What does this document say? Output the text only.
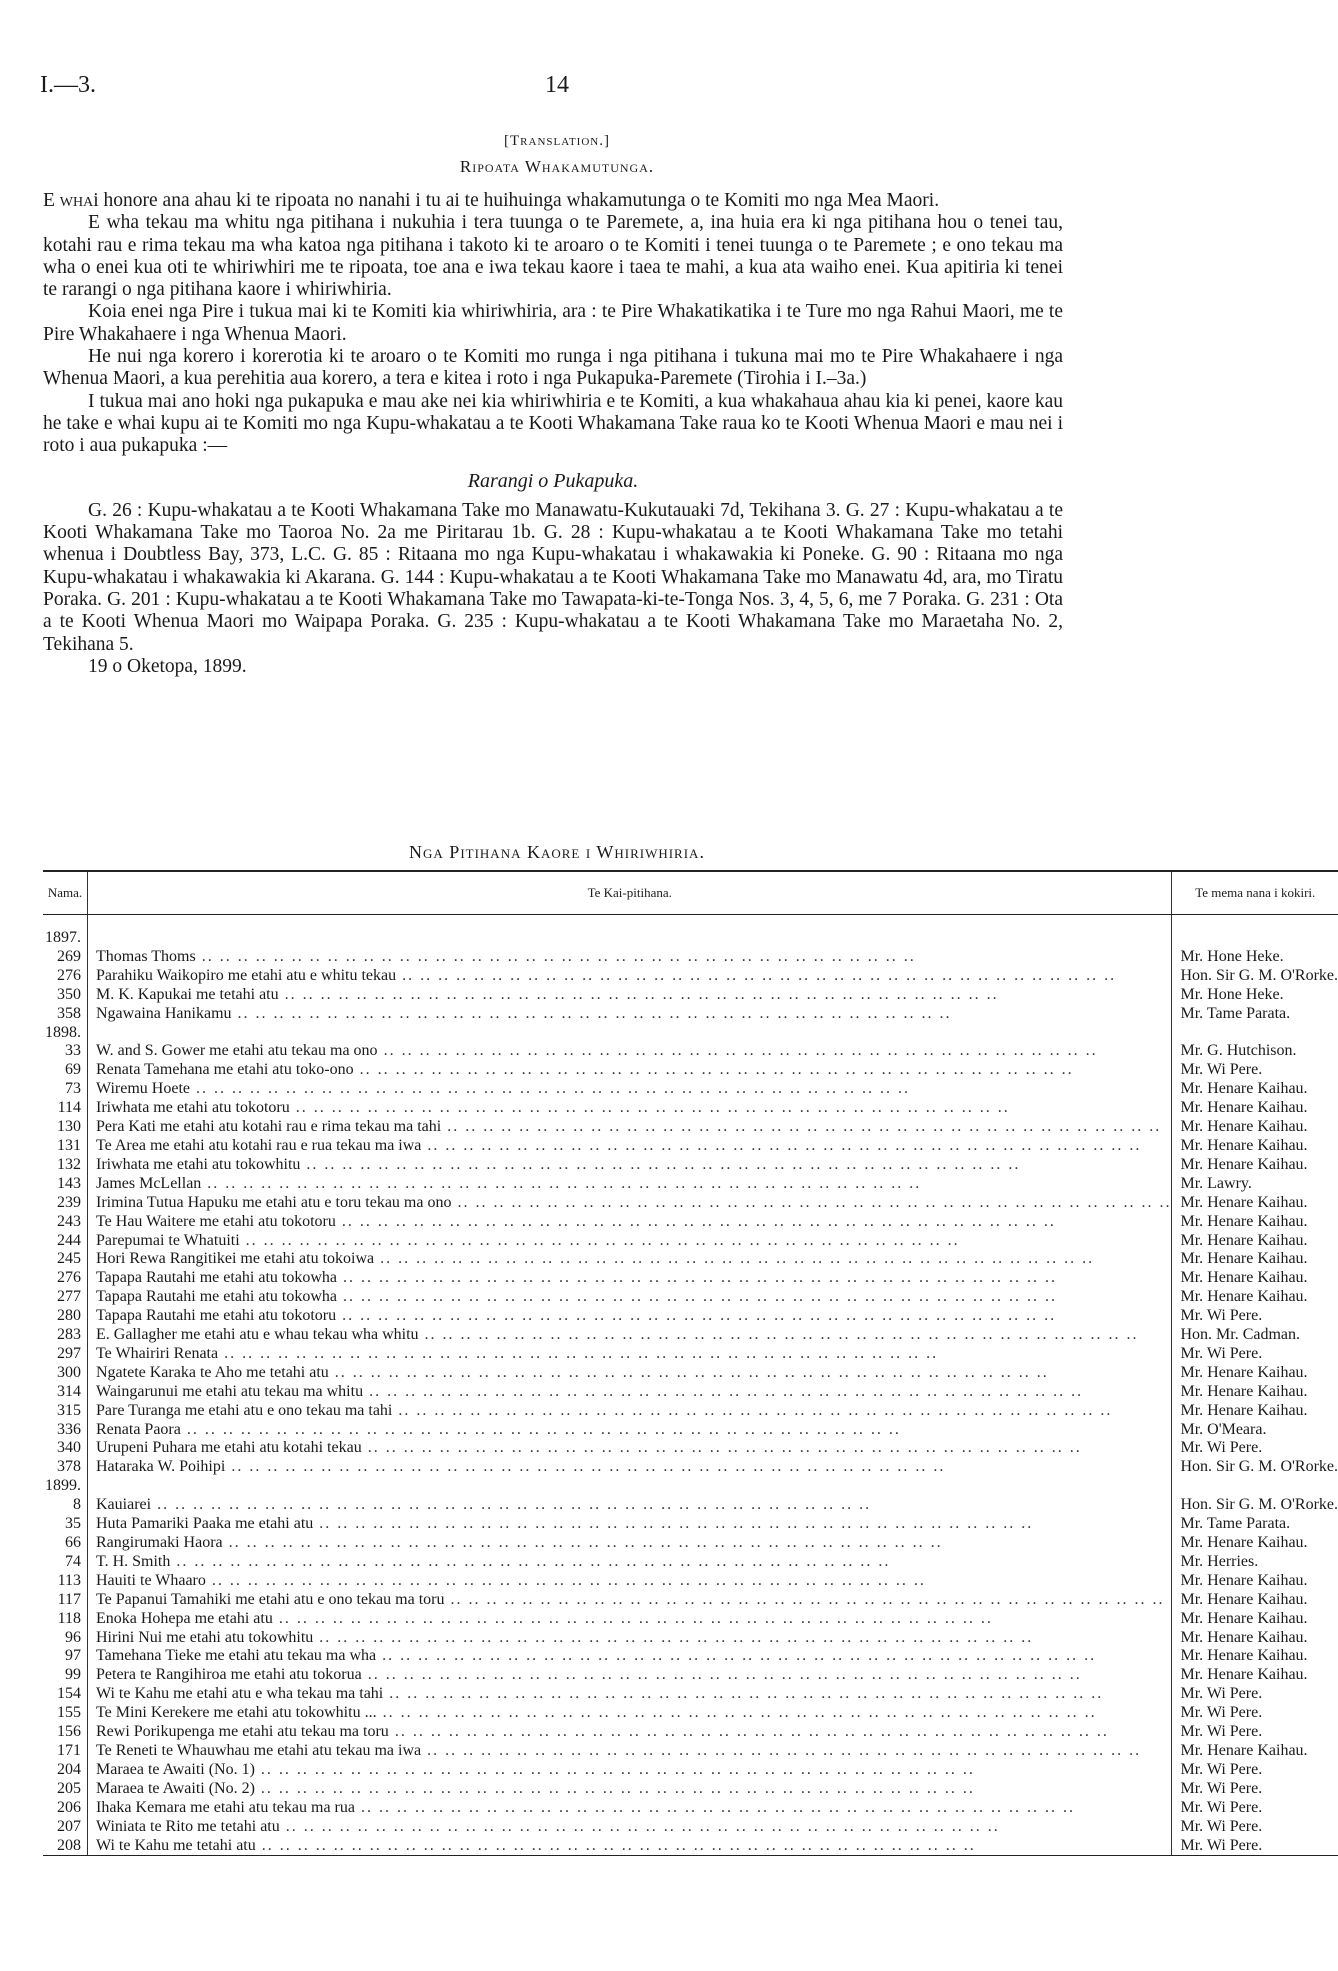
I.—3.	14
[Translation.]
Ripoata Whakamutunga.

E whai honore ana ahau ki te ripoata no nanahi i tu ai te huihuinga whakamutunga o te Komiti mo nga Mea Maori.

E wha tekau ma whitu nga pitihana i nukuhia i tera tuunga o te Paremete, a, ina huia era ki nga pitihana hou o tenei tau, kotahi rau e rima tekau ma wha katoa nga pitihana i takoto ki te aroaro o te Komiti i tenei tuunga o te Paremete ; e ono tekau ma wha o enei kua oti te whiriwhiri me te ripoata, toe ana e iwa tekau kaore i taea te mahi, a kua ata waiho enei. Kua apitiria ki tenei te rarangi o nga pitihana kaore i whiriwhiria.

Koia enei nga Pire i tukua mai ki te Komiti kia whiriwhiria, ara : te Pire Whakatikatika i te Ture mo nga Rahui Maori, me te Pire Whakahaere i nga Whenua Maori.

He nui nga korero i korerotia ki te aroaro o te Komiti mo runga i nga pitihana i tukuna mai mo te Pire Whakahaere i nga Whenua Maori, a kua perehitia aua korero, a tera e kitea i roto i nga Pukapuka-Paremete (Tirohia i I.–3a.)

I tukua mai ano hoki nga pukapuka e mau ake nei kia whiriwhiria e te Komiti, a kua whakahaua ahau kia ki penei, kaore kau he take e whai kupu ai te Komiti mo nga Kupu-whakatau a te Kooti Whakamana Take raua ko te Kooti Whenua Maori e mau nei i roto i aua pukapuka :—

Rarangi o Pukapuka.

G. 26 : Kupu-whakatau a te Kooti Whakamana Take mo Manawatu-Kukutauaki 7d, Tekihana 3. G. 27 : Kupu-whakatau a te Kooti Whakamana Take mo Taoroa No. 2a me Piritarau 1b. G. 28 : Kupu-whakatau a te Kooti Whakamana Take mo tetahi whenua i Doubtless Bay, 373, L.C. G. 85 : Ritaana mo nga Kupu-whakatau i whakawakia ki Poneke. G. 90 : Ritaana mo nga Kupu-whakatau i whakawakia ki Akarana. G. 144 : Kupu-whakatau a te Kooti Whakamana Take mo Manawatu 4d, ara, mo Tiratu Poraka. G. 201 : Kupu-whakatau a te Kooti Whakamana Take mo Tawapata-ki-te-Tonga Nos. 3, 4, 5, 6, me 7 Poraka. G. 231 : Ota a te Kooti Whenua Maori mo Waipapa Poraka. G. 235 : Kupu-whakatau a te Kooti Whakamana Take mo Maraetaha No. 2, Tekihana 5.

19 o Oketopa, 1899.

Nga Pitihana Kaore i Whiriwhiria.
Nama.	Te Kai-pitihana.	Te mema nana i kokiri.

1897.		
269	Thomas Thoms .. .. .. .. .. .. .. .. .. .. .. .. .. .. .. .. .. .. .. .. .. .. .. .. .. .. .. .. .. .. .. .. .. .. .. .. .. .. .. ..	Mr. Hone Heke.
276	Parahiku Waikopiro me etahi atu e whitu tekau .. .. .. .. .. .. .. .. .. .. .. .. .. .. .. .. .. .. .. .. .. .. .. .. .. .. .. .. .. .. .. .. .. .. .. .. .. .. .. ..	Hon. Sir G. M. O'Rorke.
350	M. K. Kapukai me tetahi atu .. .. .. .. .. .. .. .. .. .. .. .. .. .. .. .. .. .. .. .. .. .. .. .. .. .. .. .. .. .. .. .. .. .. .. .. .. .. .. ..	Mr. Hone Heke.
358	Ngawaina Hanikamu .. .. .. .. .. .. .. .. .. .. .. .. .. .. .. .. .. .. .. .. .. .. .. .. .. .. .. .. .. .. .. .. .. .. .. .. .. .. .. ..	Mr. Tame Parata.
1898.		
33	W. and S. Gower me etahi atu tekau ma ono .. .. .. .. .. .. .. .. .. .. .. .. .. .. .. .. .. .. .. .. .. .. .. .. .. .. .. .. .. .. .. .. .. .. .. .. .. .. .. ..	Mr. G. Hutchison.
69	Renata Tamehana me etahi atu toko-ono .. .. .. .. .. .. .. .. .. .. .. .. .. .. .. .. .. .. .. .. .. .. .. .. .. .. .. .. .. .. .. .. .. .. .. .. .. .. .. ..	Mr. Wi Pere.
73	Wiremu Hoete .. .. .. .. .. .. .. .. .. .. .. .. .. .. .. .. .. .. .. .. .. .. .. .. .. .. .. .. .. .. .. .. .. .. .. .. .. .. .. ..	Mr. Henare Kaihau.
114	Iriwhata me etahi atu tokotoru .. .. .. .. .. .. .. .. .. .. .. .. .. .. .. .. .. .. .. .. .. .. .. .. .. .. .. .. .. .. .. .. .. .. .. .. .. .. .. ..	Mr. Henare Kaihau.
130	Pera Kati me etahi atu kotahi rau e rima tekau ma tahi .. .. .. .. .. .. .. .. .. .. .. .. .. .. .. .. .. .. .. .. .. .. .. .. .. .. .. .. .. .. .. .. .. .. .. .. .. .. .. ..	Mr. Henare Kaihau.
131	Te Area me etahi atu kotahi rau e rua tekau ma iwa .. .. .. .. .. .. .. .. .. .. .. .. .. .. .. .. .. .. .. .. .. .. .. .. .. .. .. .. .. .. .. .. .. .. .. .. .. .. .. ..	Mr. Henare Kaihau.
132	Iriwhata me etahi atu tokowhitu .. .. .. .. .. .. .. .. .. .. .. .. .. .. .. .. .. .. .. .. .. .. .. .. .. .. .. .. .. .. .. .. .. .. .. .. .. .. .. ..	Mr. Henare Kaihau.
143	James McLellan .. .. .. .. .. .. .. .. .. .. .. .. .. .. .. .. .. .. .. .. .. .. .. .. .. .. .. .. .. .. .. .. .. .. .. .. .. .. .. ..	Mr. Lawry.
239	Irimina Tutua Hapuku me etahi atu e toru tekau ma ono .. .. .. .. .. .. .. .. .. .. .. .. .. .. .. .. .. .. .. .. .. .. .. .. .. .. .. .. .. .. .. .. .. .. .. .. .. .. .. ..	Mr. Henare Kaihau.
243	Te Hau Waitere me etahi atu tokotoru .. .. .. .. .. .. .. .. .. .. .. .. .. .. .. .. .. .. .. .. .. .. .. .. .. .. .. .. .. .. .. .. .. .. .. .. .. .. .. ..	Mr. Henare Kaihau.
244	Parepumai te Whatuiti .. .. .. .. .. .. .. .. .. .. .. .. .. .. .. .. .. .. .. .. .. .. .. .. .. .. .. .. .. .. .. .. .. .. .. .. .. .. .. ..	Mr. Henare Kaihau.
245	Hori Rewa Rangitikei me etahi atu tokoiwa .. .. .. .. .. .. .. .. .. .. .. .. .. .. .. .. .. .. .. .. .. .. .. .. .. .. .. .. .. .. .. .. .. .. .. .. .. .. .. ..	Mr. Henare Kaihau.
276	Tapapa Rautahi me etahi atu tokowha .. .. .. .. .. .. .. .. .. .. .. .. .. .. .. .. .. .. .. .. .. .. .. .. .. .. .. .. .. .. .. .. .. .. .. .. .. .. .. ..	Mr. Henare Kaihau.
277	Tapapa Rautahi me etahi atu tokowha .. .. .. .. .. .. .. .. .. .. .. .. .. .. .. .. .. .. .. .. .. .. .. .. .. .. .. .. .. .. .. .. .. .. .. .. .. .. .. ..	Mr. Henare Kaihau.
280	Tapapa Rautahi me etahi atu tokotoru .. .. .. .. .. .. .. .. .. .. .. .. .. .. .. .. .. .. .. .. .. .. .. .. .. .. .. .. .. .. .. .. .. .. .. .. .. .. .. ..	Mr. Wi Pere.
283	E. Gallagher me etahi atu e whau tekau wha whitu .. .. .. .. .. .. .. .. .. .. .. .. .. .. .. .. .. .. .. .. .. .. .. .. .. .. .. .. .. .. .. .. .. .. .. .. .. .. .. ..	Hon. Mr. Cadman.
297	Te Whairiri Renata .. .. .. .. .. .. .. .. .. .. .. .. .. .. .. .. .. .. .. .. .. .. .. .. .. .. .. .. .. .. .. .. .. .. .. .. .. .. .. ..	Mr. Wi Pere.
300	Ngatete Karaka te Aho me tetahi atu .. .. .. .. .. .. .. .. .. .. .. .. .. .. .. .. .. .. .. .. .. .. .. .. .. .. .. .. .. .. .. .. .. .. .. .. .. .. .. ..	Mr. Henare Kaihau.
314	Waingarunui me etahi atu tekau ma whitu .. .. .. .. .. .. .. .. .. .. .. .. .. .. .. .. .. .. .. .. .. .. .. .. .. .. .. .. .. .. .. .. .. .. .. .. .. .. .. ..	Mr. Henare Kaihau.
315	Pare Turanga me etahi atu e ono tekau ma tahi .. .. .. .. .. .. .. .. .. .. .. .. .. .. .. .. .. .. .. .. .. .. .. .. .. .. .. .. .. .. .. .. .. .. .. .. .. .. .. ..	Mr. Henare Kaihau.
336	Renata Paora .. .. .. .. .. .. .. .. .. .. .. .. .. .. .. .. .. .. .. .. .. .. .. .. .. .. .. .. .. .. .. .. .. .. .. .. .. .. .. ..	Mr. O'Meara.
340	Urupeni Puhara me etahi atu kotahi tekau .. .. .. .. .. .. .. .. .. .. .. .. .. .. .. .. .. .. .. .. .. .. .. .. .. .. .. .. .. .. .. .. .. .. .. .. .. .. .. ..	Mr. Wi Pere.
378	Hataraka W. Poihipi .. .. .. .. .. .. .. .. .. .. .. .. .. .. .. .. .. .. .. .. .. .. .. .. .. .. .. .. .. .. .. .. .. .. .. .. .. .. .. ..	Hon. Sir G. M. O'Rorke.
1899.		
8	Kauiarei .. .. .. .. .. .. .. .. .. .. .. .. .. .. .. .. .. .. .. .. .. .. .. .. .. .. .. .. .. .. .. .. .. .. .. .. .. .. .. ..	Hon. Sir G. M. O'Rorke.
35	Huta Pamariki Paaka me etahi atu .. .. .. .. .. .. .. .. .. .. .. .. .. .. .. .. .. .. .. .. .. .. .. .. .. .. .. .. .. .. .. .. .. .. .. .. .. .. .. ..	Mr. Tame Parata.
66	Rangirumaki Haora .. .. .. .. .. .. .. .. .. .. .. .. .. .. .. .. .. .. .. .. .. .. .. .. .. .. .. .. .. .. .. .. .. .. .. .. .. .. .. ..	Mr. Henare Kaihau.
74	T. H. Smith .. .. .. .. .. .. .. .. .. .. .. .. .. .. .. .. .. .. .. .. .. .. .. .. .. .. .. .. .. .. .. .. .. .. .. .. .. .. .. ..	Mr. Herries.
113	Hauiti te Whaaro .. .. .. .. .. .. .. .. .. .. .. .. .. .. .. .. .. .. .. .. .. .. .. .. .. .. .. .. .. .. .. .. .. .. .. .. .. .. .. ..	Mr. Henare Kaihau.
117	Te Papanui Tamahiki me etahi atu e ono tekau ma toru .. .. .. .. .. .. .. .. .. .. .. .. .. .. .. .. .. .. .. .. .. .. .. .. .. .. .. .. .. .. .. .. .. .. .. .. .. .. .. ..	Mr. Henare Kaihau.
118	Enoka Hohepa me etahi atu .. .. .. .. .. .. .. .. .. .. .. .. .. .. .. .. .. .. .. .. .. .. .. .. .. .. .. .. .. .. .. .. .. .. .. .. .. .. .. ..	Mr. Henare Kaihau.
96	Hirini Nui me etahi atu tokowhitu .. .. .. .. .. .. .. .. .. .. .. .. .. .. .. .. .. .. .. .. .. .. .. .. .. .. .. .. .. .. .. .. .. .. .. .. .. .. .. ..	Mr. Henare Kaihau.
97	Tamehana Tieke me etahi atu tekau ma wha .. .. .. .. .. .. .. .. .. .. .. .. .. .. .. .. .. .. .. .. .. .. .. .. .. .. .. .. .. .. .. .. .. .. .. .. .. .. .. ..	Mr. Henare Kaihau.
99	Petera te Rangihiroa me etahi atu tokorua .. .. .. .. .. .. .. .. .. .. .. .. .. .. .. .. .. .. .. .. .. .. .. .. .. .. .. .. .. .. .. .. .. .. .. .. .. .. .. ..	Mr. Henare Kaihau.
154	Wi te Kahu me etahi atu e wha tekau ma tahi .. .. .. .. .. .. .. .. .. .. .. .. .. .. .. .. .. .. .. .. .. .. .. .. .. .. .. .. .. .. .. .. .. .. .. .. .. .. .. ..	Mr. Wi Pere.
155	Te Mini Kerekere me etahi atu tokowhitu ... .. .. .. .. .. .. .. .. .. .. .. .. .. .. .. .. .. .. .. .. .. .. .. .. .. .. .. .. .. .. .. .. .. .. .. .. .. .. .. ..	Mr. Wi Pere.
156	Rewi Porikupenga me etahi atu tekau ma toru .. .. .. .. .. .. .. .. .. .. .. .. .. .. .. .. .. .. .. .. .. .. .. .. .. .. .. .. .. .. .. .. .. .. .. .. .. .. .. ..	Mr. Wi Pere.
171	Te Reneti te Whauwhau me etahi atu tekau ma iwa .. .. .. .. .. .. .. .. .. .. .. .. .. .. .. .. .. .. .. .. .. .. .. .. .. .. .. .. .. .. .. .. .. .. .. .. .. .. .. ..	Mr. Henare Kaihau.
204	Maraea te Awaiti (No. 1) .. .. .. .. .. .. .. .. .. .. .. .. .. .. .. .. .. .. .. .. .. .. .. .. .. .. .. .. .. .. .. .. .. .. .. .. .. .. .. ..	Mr. Wi Pere.
205	Maraea te Awaiti (No. 2) .. .. .. .. .. .. .. .. .. .. .. .. .. .. .. .. .. .. .. .. .. .. .. .. .. .. .. .. .. .. .. .. .. .. .. .. .. .. .. ..	Mr. Wi Pere.
206	Ihaka Kemara me etahi atu tekau ma rua .. .. .. .. .. .. .. .. .. .. .. .. .. .. .. .. .. .. .. .. .. .. .. .. .. .. .. .. .. .. .. .. .. .. .. .. .. .. .. ..	Mr. Wi Pere.
207	Winiata te Rito me tetahi atu .. .. .. .. .. .. .. .. .. .. .. .. .. .. .. .. .. .. .. .. .. .. .. .. .. .. .. .. .. .. .. .. .. .. .. .. .. .. .. ..	Mr. Wi Pere.
208	Wi te Kahu me tetahi atu .. .. .. .. .. .. .. .. .. .. .. .. .. .. .. .. .. .. .. .. .. .. .. .. .. .. .. .. .. .. .. .. .. .. .. .. .. .. .. ..	Mr. Wi Pere.
